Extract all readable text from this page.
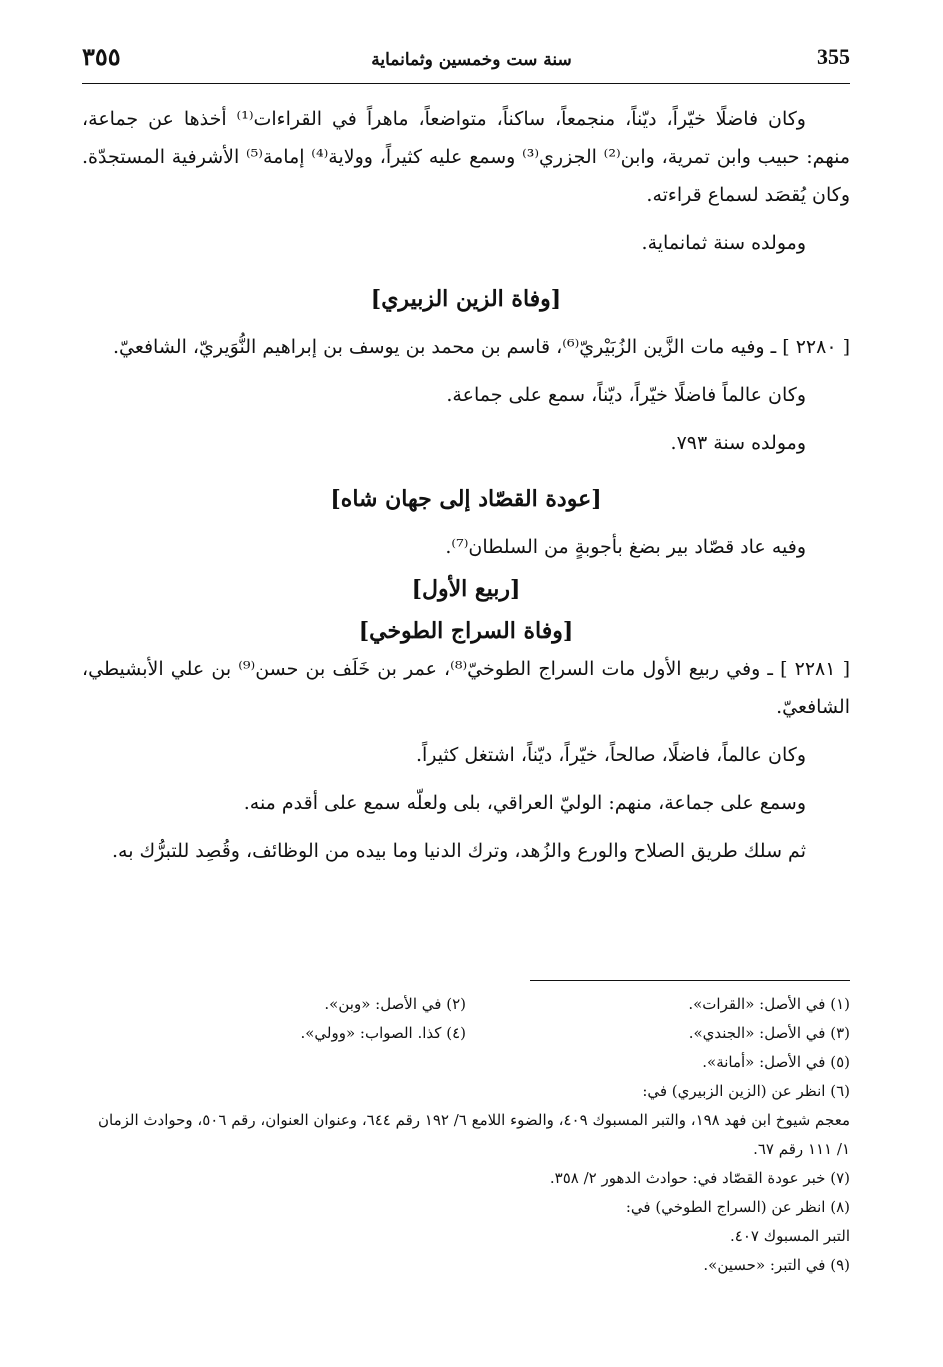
٣٥٥	سنة ست وخمسين وثمانماية	355

وكان فاضلًا خيّراً، ديّناً، منجمعاً، ساكناً، متواضعاً، ماهراً في القراءات⁽¹⁾ أخذها عن جماعة، منهم: حبيب وابن تمرية، وابن⁽²⁾ الجزري⁽³⁾ وسمع عليه كثيراً، وولاية⁽⁴⁾ إمامة⁽⁵⁾ الأشرفية المستجدّة. وكان يُقصَد لسماع قراءته.

ومولده سنة ثمانماية.

[وفاة الزين الزبيري]

[ ٢٢٨٠ ] ـ وفيه مات الزَّين الزُبَيْريّ⁽⁶⁾، قاسم بن محمد بن يوسف بن إبراهيم النُّوَيريّ، الشافعيّ.

وكان عالماً فاضلًا خيّراً، ديّناً، سمع على جماعة.

ومولده سنة ٧٩٣.

[عودة القصّاد إلى جهان شاه]

وفيه عاد قصّاد بير بضغ بأجوبةٍ من السلطان⁽⁷⁾.

[ربيع الأول]
[وفاة السراج الطوخي]

[ ٢٢٨١ ] ـ وفي ربيع الأول مات السراج الطوخيّ⁽⁸⁾، عمر بن خَلَف بن حسن⁽⁹⁾ بن علي الأبشيطي، الشافعيّ.

وكان عالماً، فاضلًا، صالحاً، خيّراً، ديّناً، اشتغل كثيراً.

وسمع على جماعة، منهم: الوليّ العراقي، بلى ولعلّه سمع على أقدم منه.

ثم سلك طريق الصلاح والورع والزُهد، وترك الدنيا وما بيده من الوظائف، وقُصِد للتبرُّك به.

(١) في الأصل: «القرات».
(٢) في الأصل: «وبن».
(٣) في الأصل: «الجندي».
(٤) كذا. الصواب: «وولي».
(٥) في الأصل: «أمانة».
(٦) انظر عن (الزين الزبيري) في:
معجم شيوخ ابن فهد ١٩٨، والتبر المسبوك ٤٠٩، والضوء اللامع ٦/ ١٩٢ رقم ٦٤٤، وعنوان العنوان، رقم ٥٠٦، وحوادث الزمان ١/ ١١١ رقم ٦٧.
(٧) خبر عودة القصّاد في: حوادث الدهور ٢/ ٣٥٨.
(٨) انظر عن (السراج الطوخي) في:
التبر المسبوك ٤٠٧.
(٩) في التبر: «حسين».
